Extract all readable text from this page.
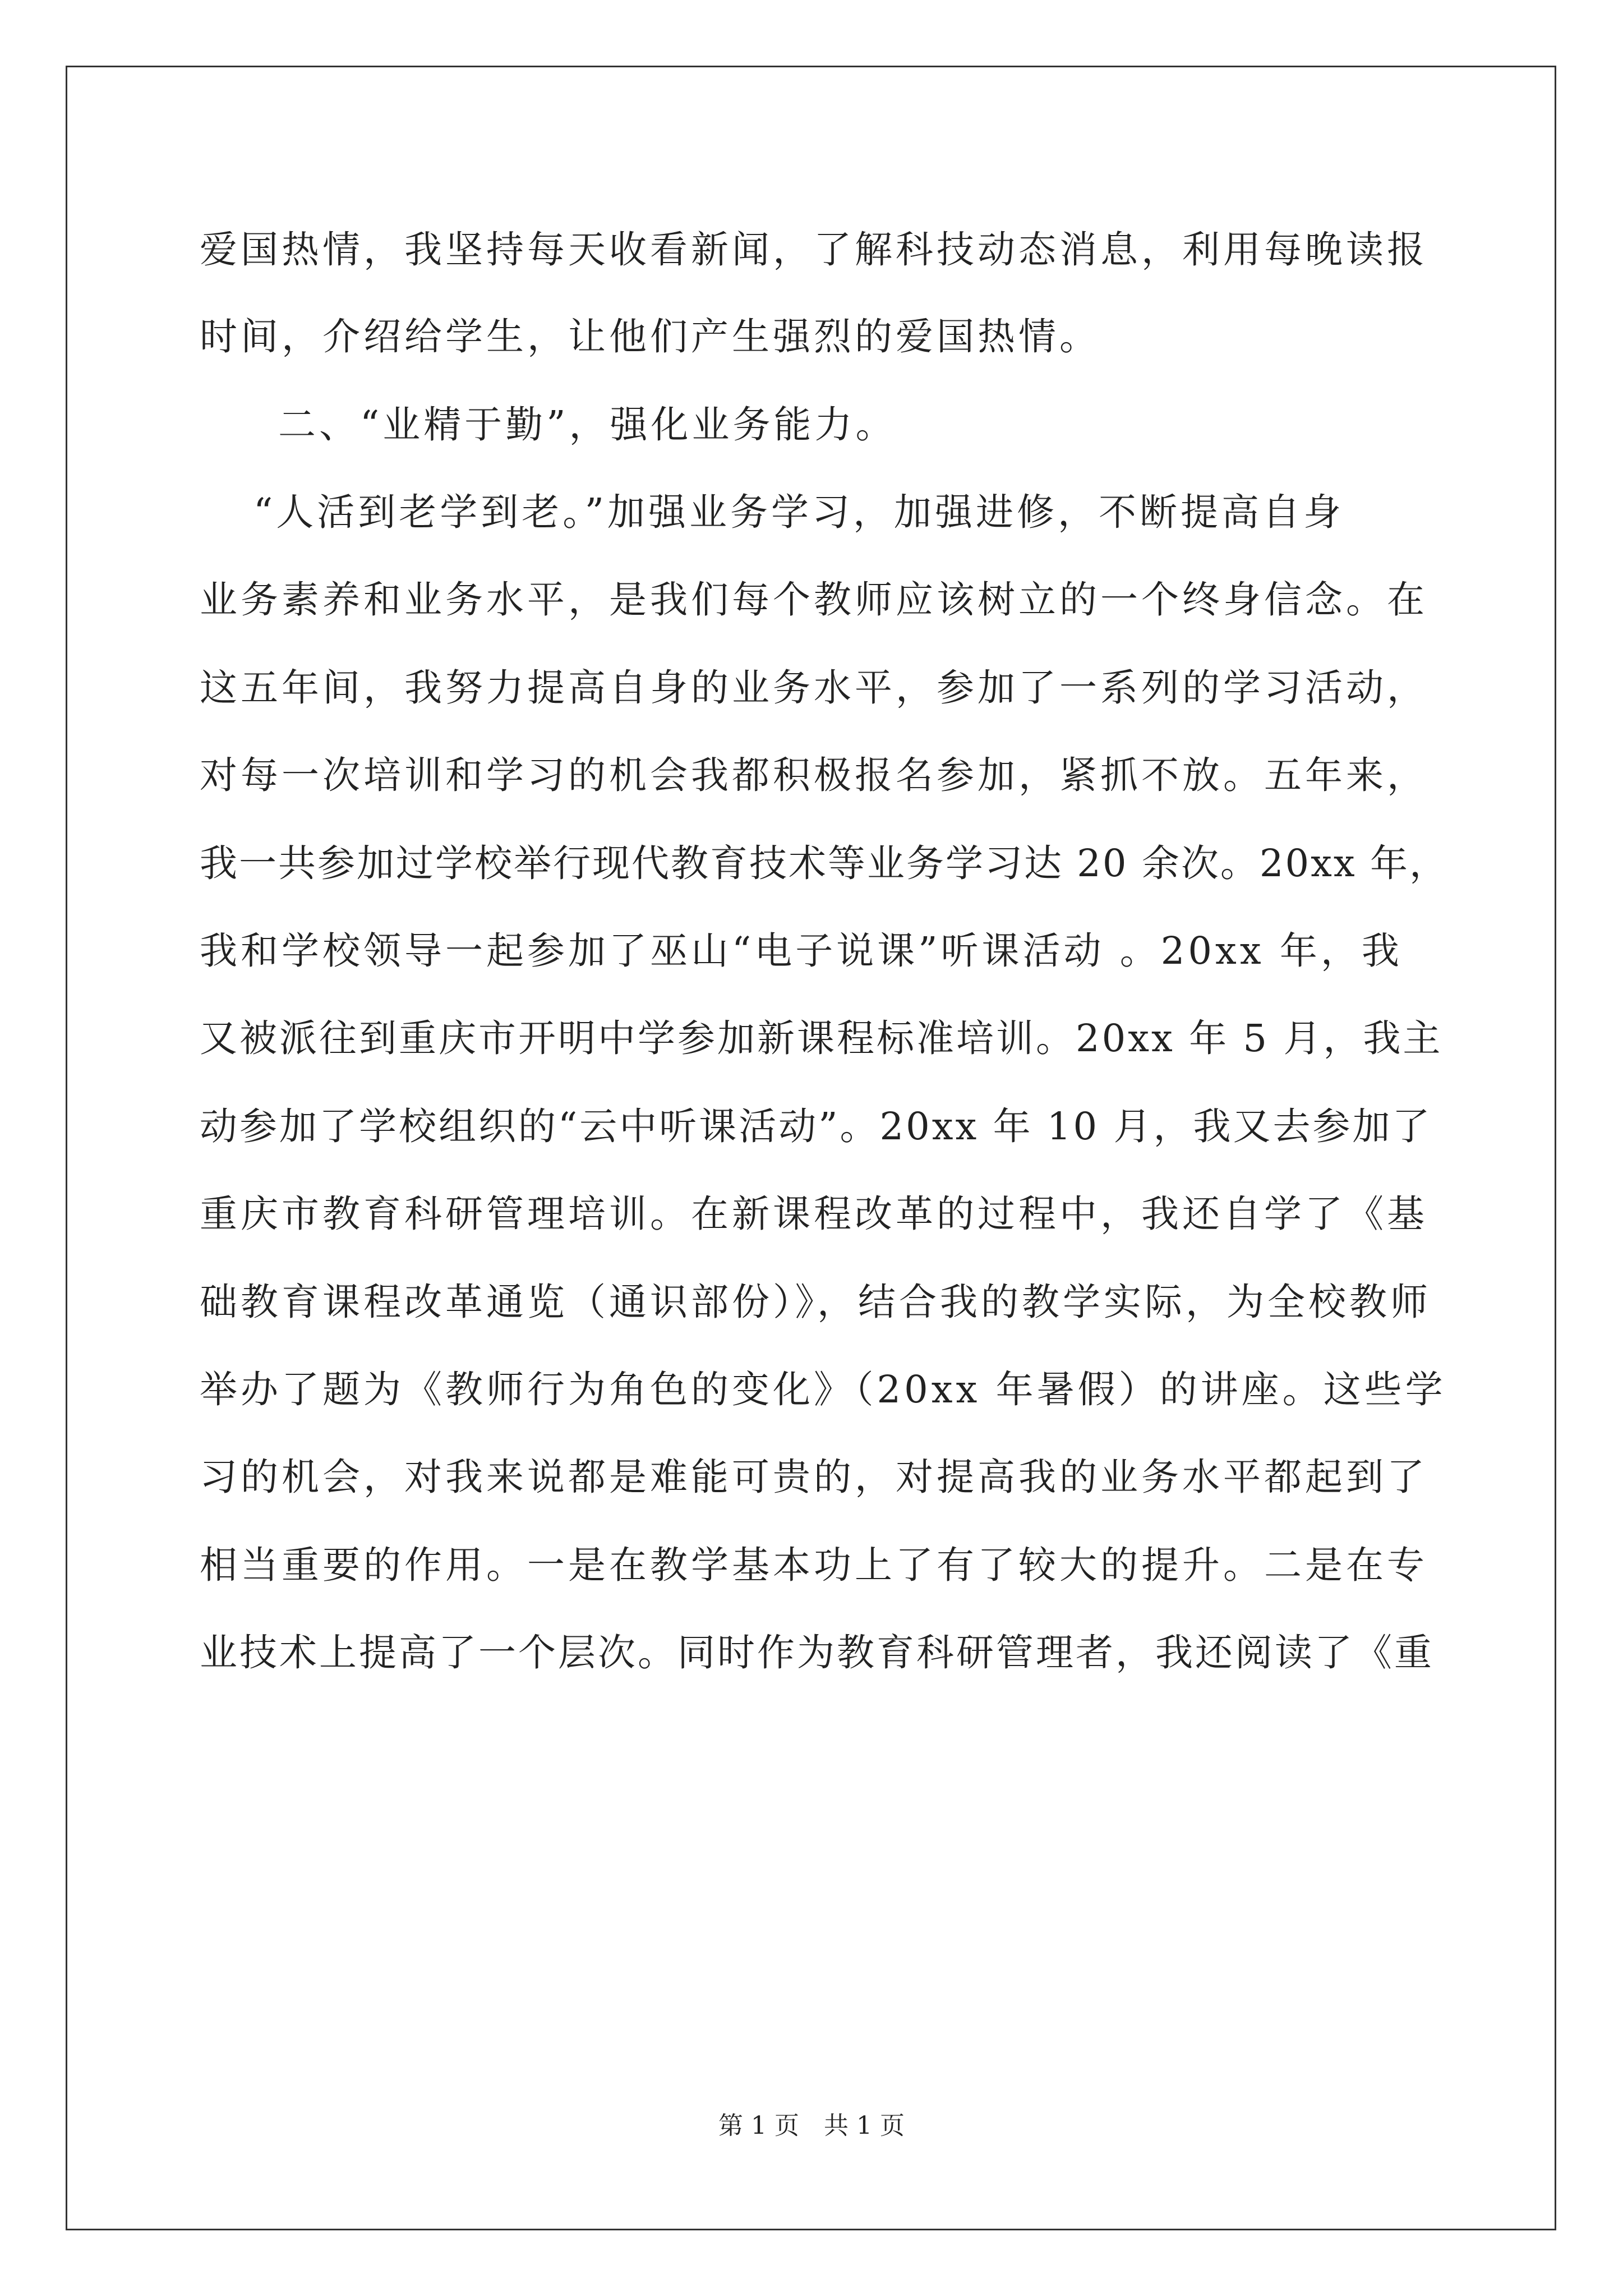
爱国热情，我坚持每天收看新闻，了解科技动态消息，利用每晚读报
时间，介绍给学生，让他们产生强烈的爱国热情。
二、“业精于勤”，强化业务能力。
“人活到老学到老。”加强业务学习，加强进修，不断提高自身
业务素养和业务水平，是我们每个教师应该树立的一个终身信念。在
这五年间，我努力提高自身的业务水平，参加了一系列的学习活动，
对每一次培训和学习的机会我都积极报名参加，紧抓不放。五年来，
我一共参加过学校举行现代教育技术等业务学习达 20 余次。20xx 年，
我和学校领导一起参加了巫山“电子说课”听课活动 。20xx 年，我
又被派往到重庆市开明中学参加新课程标准培训。20xx 年 5 月，我主
动参加了学校组织的“云中听课活动”。20xx 年 10 月，我又去参加了
重庆市教育科研管理培训。在新课程改革的过程中，我还自学了《基
础教育课程改革通览（通识部份）》，结合我的教学实际，为全校教师
举办了题为《教师行为角色的变化》（20xx 年暑假）的讲座。这些学
习的机会，对我来说都是难能可贵的，对提高我的业务水平都起到了
相当重要的作用。一是在教学基本功上了有了较大的提升。二是在专
业技术上提高了一个层次。同时作为教育科研管理者，我还阅读了《重
第 1 页　共 1 页
